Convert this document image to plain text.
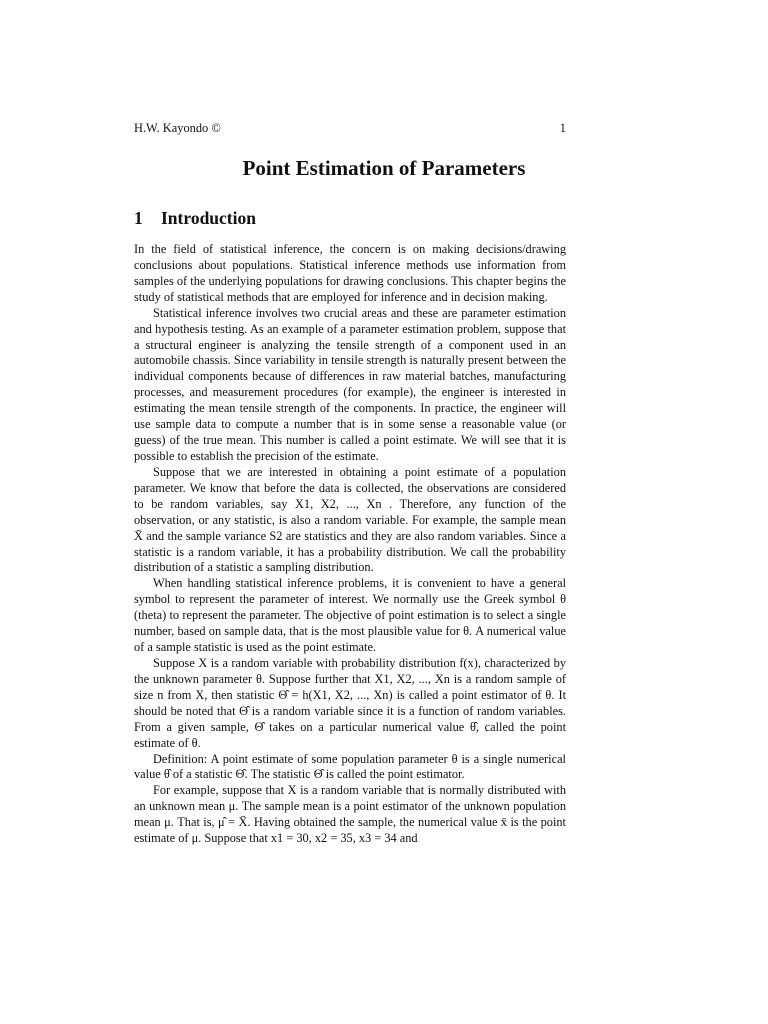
H.W. Kayondo ©	1
Point Estimation of Parameters
1 Introduction

In the field of statistical inference, the concern is on making decisions/drawing conclusions about populations. Statistical inference methods use information from samples of the underlying populations for drawing conclusions. This chapter begins the study of statistical methods that are employed for inference and in decision making.

Statistical inference involves two crucial areas and these are parameter estimation and hypothesis testing. As an example of a parameter estimation problem, suppose that a structural engineer is analyzing the tensile strength of a component used in an automobile chassis. Since variability in tensile strength is naturally present between the individual components because of differences in raw material batches, manufacturing processes, and measurement procedures (for example), the engineer is interested in estimating the mean tensile strength of the components. In practice, the engineer will use sample data to compute a number that is in some sense a reasonable value (or guess) of the true mean. This number is called a point estimate. We will see that it is possible to establish the precision of the estimate.

Suppose that we are interested in obtaining a point estimate of a population parameter. We know that before the data is collected, the observations are considered to be random variables, say X1, X2, ..., Xn . Therefore, any function of the observation, or any statistic, is also a random variable. For example, the sample mean X̄ and the sample variance S2 are statistics and they are also random variables. Since a statistic is a random variable, it has a probability distribution. We call the probability distribution of a statistic a sampling distribution.

When handling statistical inference problems, it is convenient to have a general symbol to represent the parameter of interest. We normally use the Greek symbol θ (theta) to represent the parameter. The objective of point estimation is to select a single number, based on sample data, that is the most plausible value for θ. A numerical value of a sample statistic is used as the point estimate.

Suppose X is a random variable with probability distribution f(x), characterized by the unknown parameter θ. Suppose further that X1, X2, ..., Xn is a random sample of size n from X, then statistic Θ̂ = h(X1, X2, ..., Xn) is called a point estimator of θ. It should be noted that Θ̂ is a random variable since it is a function of random variables. From a given sample, Θ̂ takes on a particular numerical value θ̂, called the point estimate of θ.

Definition: A point estimate of some population parameter θ is a single numerical value θ̂ of a statistic Θ̂. The statistic Θ̂ is called the point estimator.

For example, suppose that X is a random variable that is normally distributed with an unknown mean μ. The sample mean is a point estimator of the unknown population mean μ. That is, μ̂ = X̄. Having obtained the sample, the numerical value x̄ is the point estimate of μ. Suppose that x1 = 30, x2 = 35, x3 = 34 and
